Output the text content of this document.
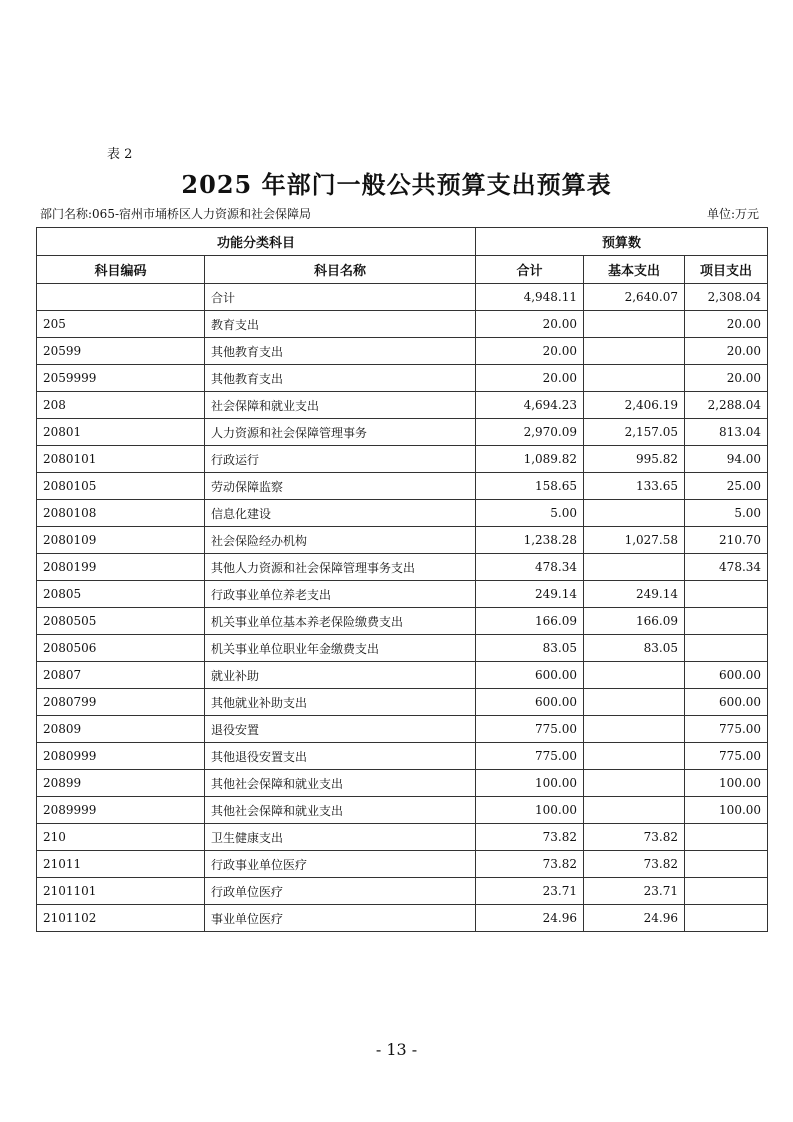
表 2
2025 年部门一般公共预算支出预算表
部门名称:065-宿州市埇桥区人力资源和社会保障局	单位:万元
功能分类科目		预算数		
科目编码	科目名称	合计	基本支出	项目支出
	合计	4,948.11	2,640.07	2,308.04
205	教育支出	20.00		20.00
20599	其他教育支出	20.00		20.00
2059999	其他教育支出	20.00		20.00
208	社会保障和就业支出	4,694.23	2,406.19	2,288.04
20801	人力资源和社会保障管理事务	2,970.09	2,157.05	813.04
2080101	行政运行	1,089.82	995.82	94.00
2080105	劳动保障监察	158.65	133.65	25.00
2080108	信息化建设	5.00		5.00
2080109	社会保险经办机构	1,238.28	1,027.58	210.70
2080199	其他人力资源和社会保障管理事务支出	478.34		478.34
20805	行政事业单位养老支出	249.14	249.14	
2080505	机关事业单位基本养老保险缴费支出	166.09	166.09	
2080506	机关事业单位职业年金缴费支出	83.05	83.05	
20807	就业补助	600.00		600.00
2080799	其他就业补助支出	600.00		600.00
20809	退役安置	775.00		775.00
2080999	其他退役安置支出	775.00		775.00
20899	其他社会保障和就业支出	100.00		100.00
2089999	其他社会保障和就业支出	100.00		100.00
210	卫生健康支出	73.82	73.82	
21011	行政事业单位医疗	73.82	73.82	
2101101	行政单位医疗	23.71	23.71	
2101102	事业单位医疗	24.96	24.96	
- 13 -
